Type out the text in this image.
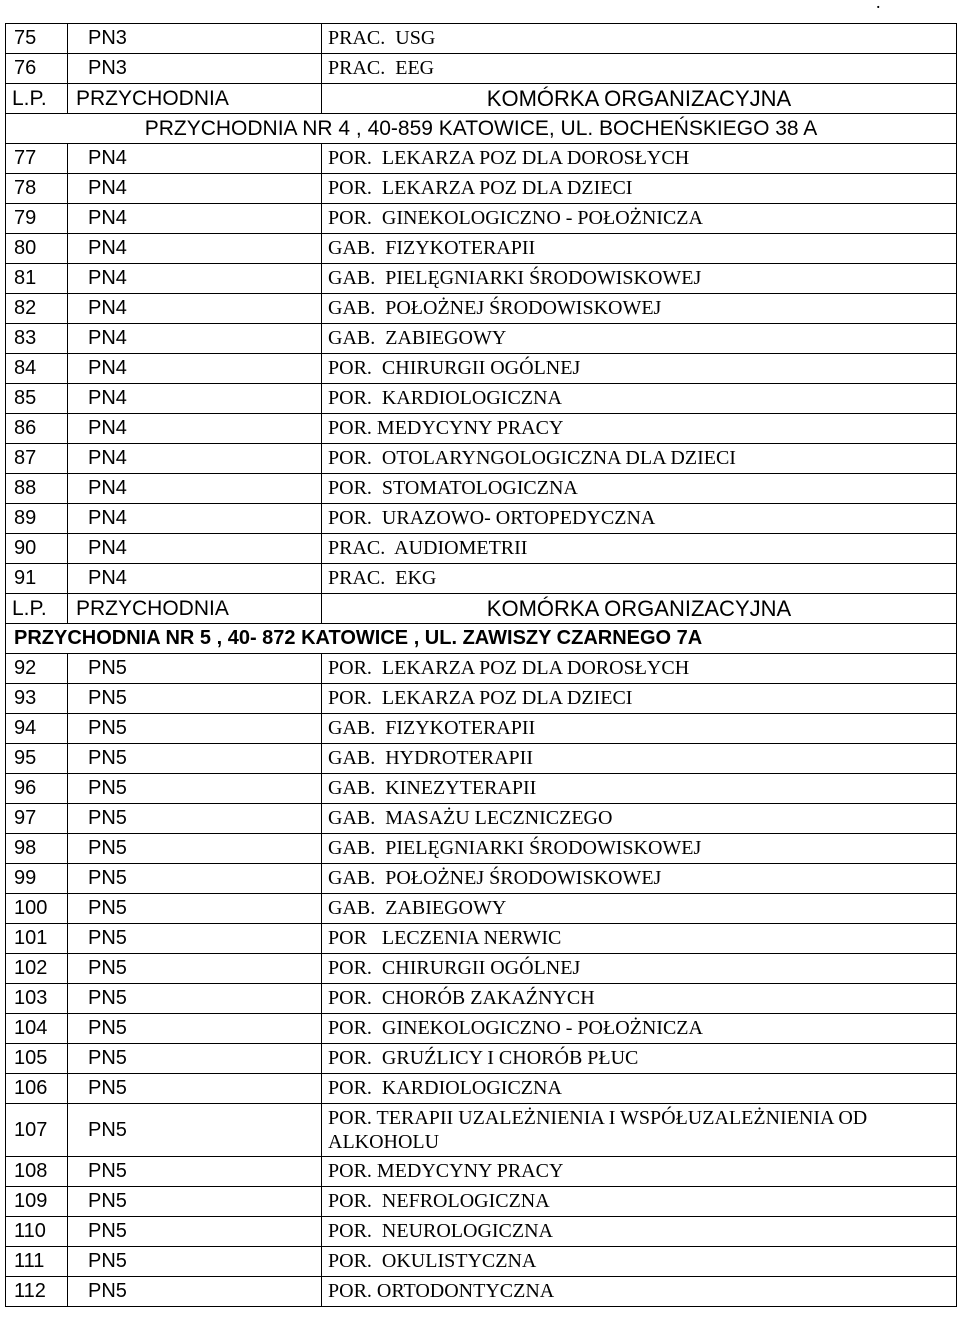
.
75	PN3	PRAC.  USG
76	PN3	PRAC.  EEG
L.P.	PRZYCHODNIA	KOMÓRKA ORGANIZACYJNA
PRZYCHODNIA NR 4 , 40-859 KATOWICE, UL. BOCHEŃSKIEGO 38 A		
77	PN4	POR.  LEKARZA POZ DLA DOROSŁYCH
78	PN4	POR.  LEKARZA POZ DLA DZIECI
79	PN4	POR.  GINEKOLOGICZNO - POŁOŻNICZA
80	PN4	GAB.  FIZYKOTERAPII
81	PN4	GAB.  PIELĘGNIARKI ŚRODOWISKOWEJ
82	PN4	GAB.  POŁOŻNEJ ŚRODOWISKOWEJ
83	PN4	GAB.  ZABIEGOWY
84	PN4	POR.  CHIRURGII OGÓLNEJ
85	PN4	POR.  KARDIOLOGICZNA
86	PN4	POR. MEDYCYNY PRACY
87	PN4	POR.  OTOLARYNGOLOGICZNA DLA DZIECI
88	PN4	POR.  STOMATOLOGICZNA
89	PN4	POR.  URAZOWO- ORTOPEDYCZNA
90	PN4	PRAC.  AUDIOMETRII
91	PN4	PRAC.  EKG
L.P.	PRZYCHODNIA	KOMÓRKA ORGANIZACYJNA
PRZYCHODNIA NR 5 , 40- 872 KATOWICE , UL. ZAWISZY CZARNEGO 7A		
92	PN5	POR.  LEKARZA POZ DLA DOROSŁYCH
93	PN5	POR.  LEKARZA POZ DLA DZIECI
94	PN5	GAB.  FIZYKOTERAPII
95	PN5	GAB.  HYDROTERAPII
96	PN5	GAB.  KINEZYTERAPII
97	PN5	GAB.  MASAŻU LECZNICZEGO
98	PN5	GAB.  PIELĘGNIARKI ŚRODOWISKOWEJ
99	PN5	GAB.  POŁOŻNEJ ŚRODOWISKOWEJ
100	PN5	GAB.  ZABIEGOWY
101	PN5	POR   LECZENIA NERWIC
102	PN5	POR.  CHIRURGII OGÓLNEJ
103	PN5	POR.  CHORÓB ZAKAŹNYCH
104	PN5	POR.  GINEKOLOGICZNO - POŁOŻNICZA
105	PN5	POR.  GRUŹLICY I CHORÓB PŁUC
106	PN5	POR.  KARDIOLOGICZNA
107	PN5	POR. TERAPII UZALEŻNIENIA I WSPÓŁUZALEŻNIENIA OD ALKOHOLU
108	PN5	POR. MEDYCYNY PRACY
109	PN5	POR.  NEFROLOGICZNA
110	PN5	POR.  NEUROLOGICZNA
111	PN5	POR.  OKULISTYCZNA
112	PN5	POR. ORTODONTYCZNA
